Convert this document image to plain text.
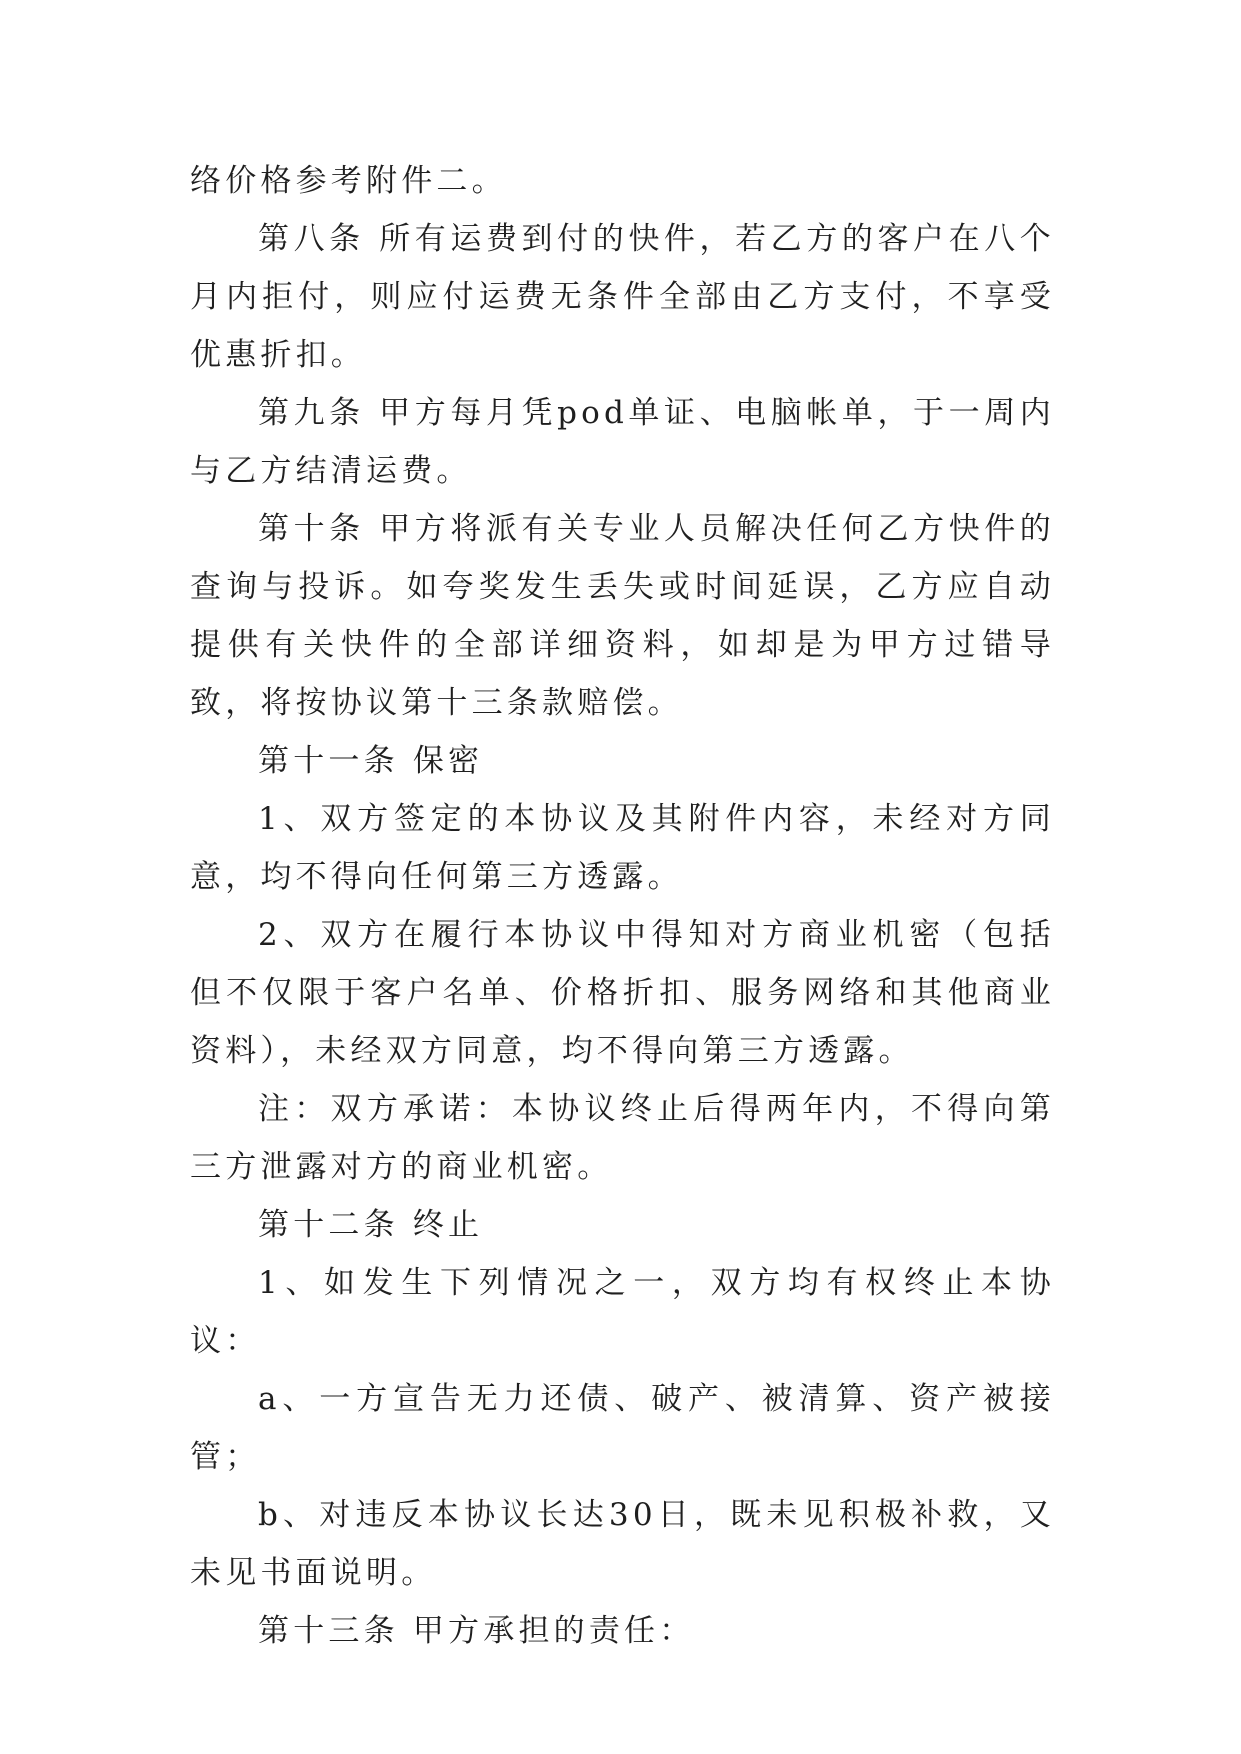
络价格参考附件二。

第八条 所有运费到付的快件，若乙方的客户在八个月内拒付，则应付运费无条件全部由乙方支付，不享受优惠折扣。

第九条 甲方每月凭pod单证、电脑帐单，于一周内与乙方结清运费。

第十条 甲方将派有关专业人员解决任何乙方快件的查询与投诉。如夸奖发生丢失或时间延误，乙方应自动提供有关快件的全部详细资料，如却是为甲方过错导致，将按协议第十三条款赔偿。

第十一条 保密

1、双方签定的本协议及其附件内容，未经对方同意，均不得向任何第三方透露。

2、双方在履行本协议中得知对方商业机密（包括但不仅限于客户名单、价格折扣、服务网络和其他商业资料），未经双方同意，均不得向第三方透露。

注：双方承诺：本协议终止后得两年内，不得向第三方泄露对方的商业机密。

第十二条 终止

1、如发生下列情况之一，双方均有权终止本协议：

a、一方宣告无力还债、破产、被清算、资产被接管；

b、对违反本协议长达30日，既未见积极补救，又未见书面说明。

第十三条 甲方承担的责任：
